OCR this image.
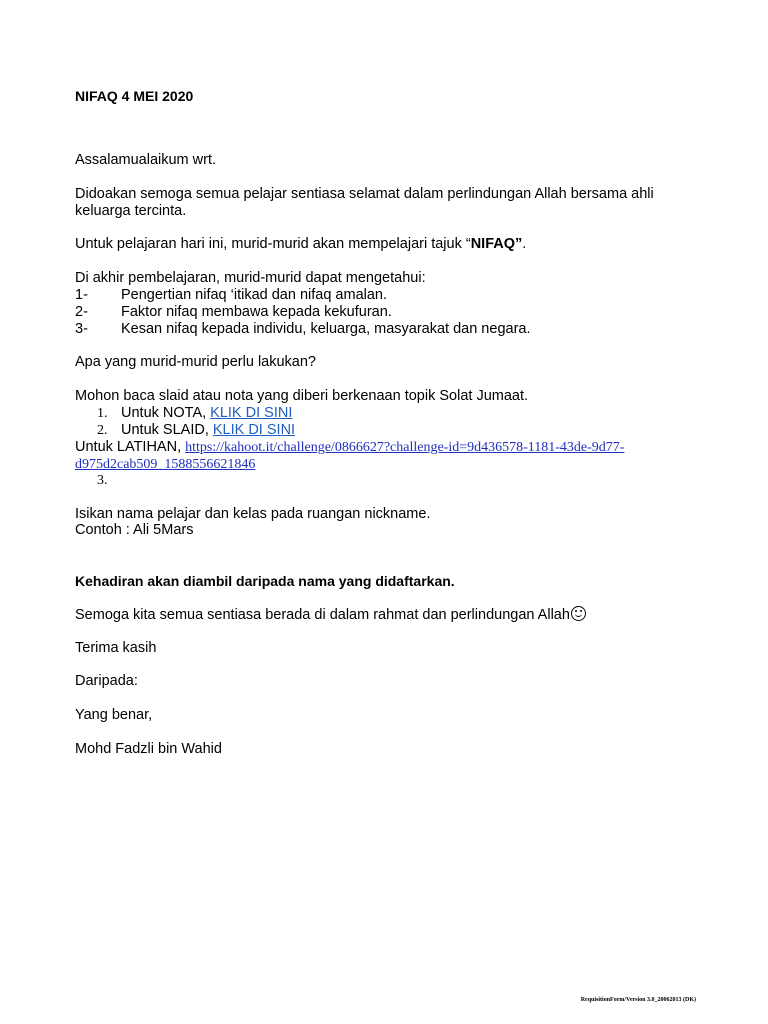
NIFAQ 4 MEI 2020
Assalamualaikum wrt.
Didoakan semoga semua pelajar sentiasa selamat dalam perlindungan Allah bersama ahli
keluarga tercinta.
Untuk pelajaran hari ini, murid-murid akan mempelajari tajuk “NIFAQ”.
Di akhir pembelajaran, murid-murid dapat mengetahui:
1- Pengertian nifaq ‘itikad dan nifaq amalan.
2- Faktor nifaq membawa kepada kekufuran.
3- Kesan nifaq kepada individu, keluarga, masyarakat dan negara.
Apa yang murid-murid perlu lakukan?
Mohon baca slaid atau nota yang diberi berkenaan topik Solat Jumaat.
1. Untuk NOTA, KLIK DI SINI
2. Untuk SLAID, KLIK DI SINI
Untuk LATIHAN, https://kahoot.it/challenge/0866627?challenge-id=9d436578-1181-43de-9d77-
d975d2cab509_1588556621846
3.
Isikan nama pelajar dan kelas pada ruangan nickname.
Contoh : Ali 5Mars
Kehadiran akan diambil daripada nama yang didaftarkan.
Semoga kita semua sentiasa berada di dalam rahmat dan perlindungan Allah
Terima kasih
Daripada:
Yang benar,
Mohd Fadzli bin Wahid
RequisitionForm/Version 3.0_20062013 (DK)
